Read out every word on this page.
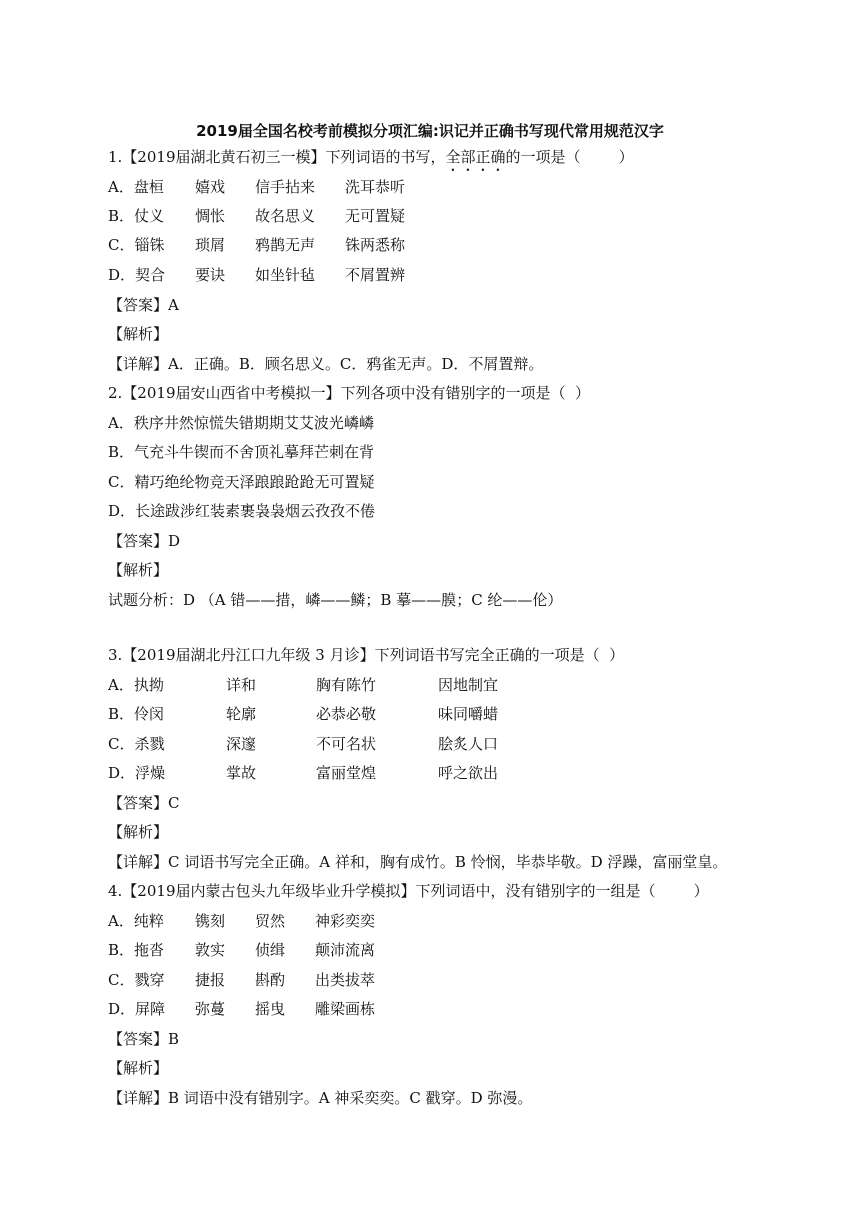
2019届全国名校考前模拟分项汇编:识记并正确书写现代常用规范汉字
1.【2019届湖北黄石初三一模】下列词语的书写，全部正确的一项是（        ）
A．盘桓 嬉戏 信手拈来 洗耳恭听
B．仗义 惆怅 故名思义 无可置疑
C．锱铢 琐屑 鸦鹊无声 铢两悉称
D．契合 要诀 如坐针毡 不屑置辨
【答案】A
【解析】
【详解】A．正确。B．顾名思义。C．鸦雀无声。D．不屑置辩。
2.【2019届安山西省中考模拟一】下列各项中没有错别字的一项是（  ）
A．秩序井然惊慌失错期期艾艾波光嶙嶙
B．气充斗牛锲而不舍顶礼摹拜芒刺在背
C．精巧绝纶物竞天泽踉踉跄跄无可置疑
D．长途跋涉红装素裹袅袅烟云孜孜不倦
【答案】D
【解析】
试题分析：D （A 错——措，嶙——鳞；B 摹——膜；C 纶——伦）
3.【2019届湖北丹江口九年级 3 月诊】下列词语书写完全正确的一项是（  ）
A．执拗	详和	胸有陈竹	因地制宜
B．伶闵	轮廓	必恭必敬	味同嚼蜡
C．杀戮	深邃	不可名状	脍炙人口
D．浮燥	掌故	富丽堂煌	呼之欲出
【答案】C
【解析】
【详解】C 词语书写完全正确。A 祥和，胸有成竹。B 怜悯，毕恭毕敬。D 浮躁，富丽堂皇。
4.【2019届内蒙古包头九年级毕业升学模拟】下列词语中，没有错别字的一组是（        ）
A．纯粹 镌刻 贸然 神彩奕奕
B．拖沓 敦实 侦缉 颠沛流离
C．戮穿 捷报 斟酌 出类拔萃
D．屏障 弥蔓 摇曳 雕梁画栋
【答案】B
【解析】
【详解】B 词语中没有错别字。A 神采奕奕。C 戳穿。D 弥漫。
